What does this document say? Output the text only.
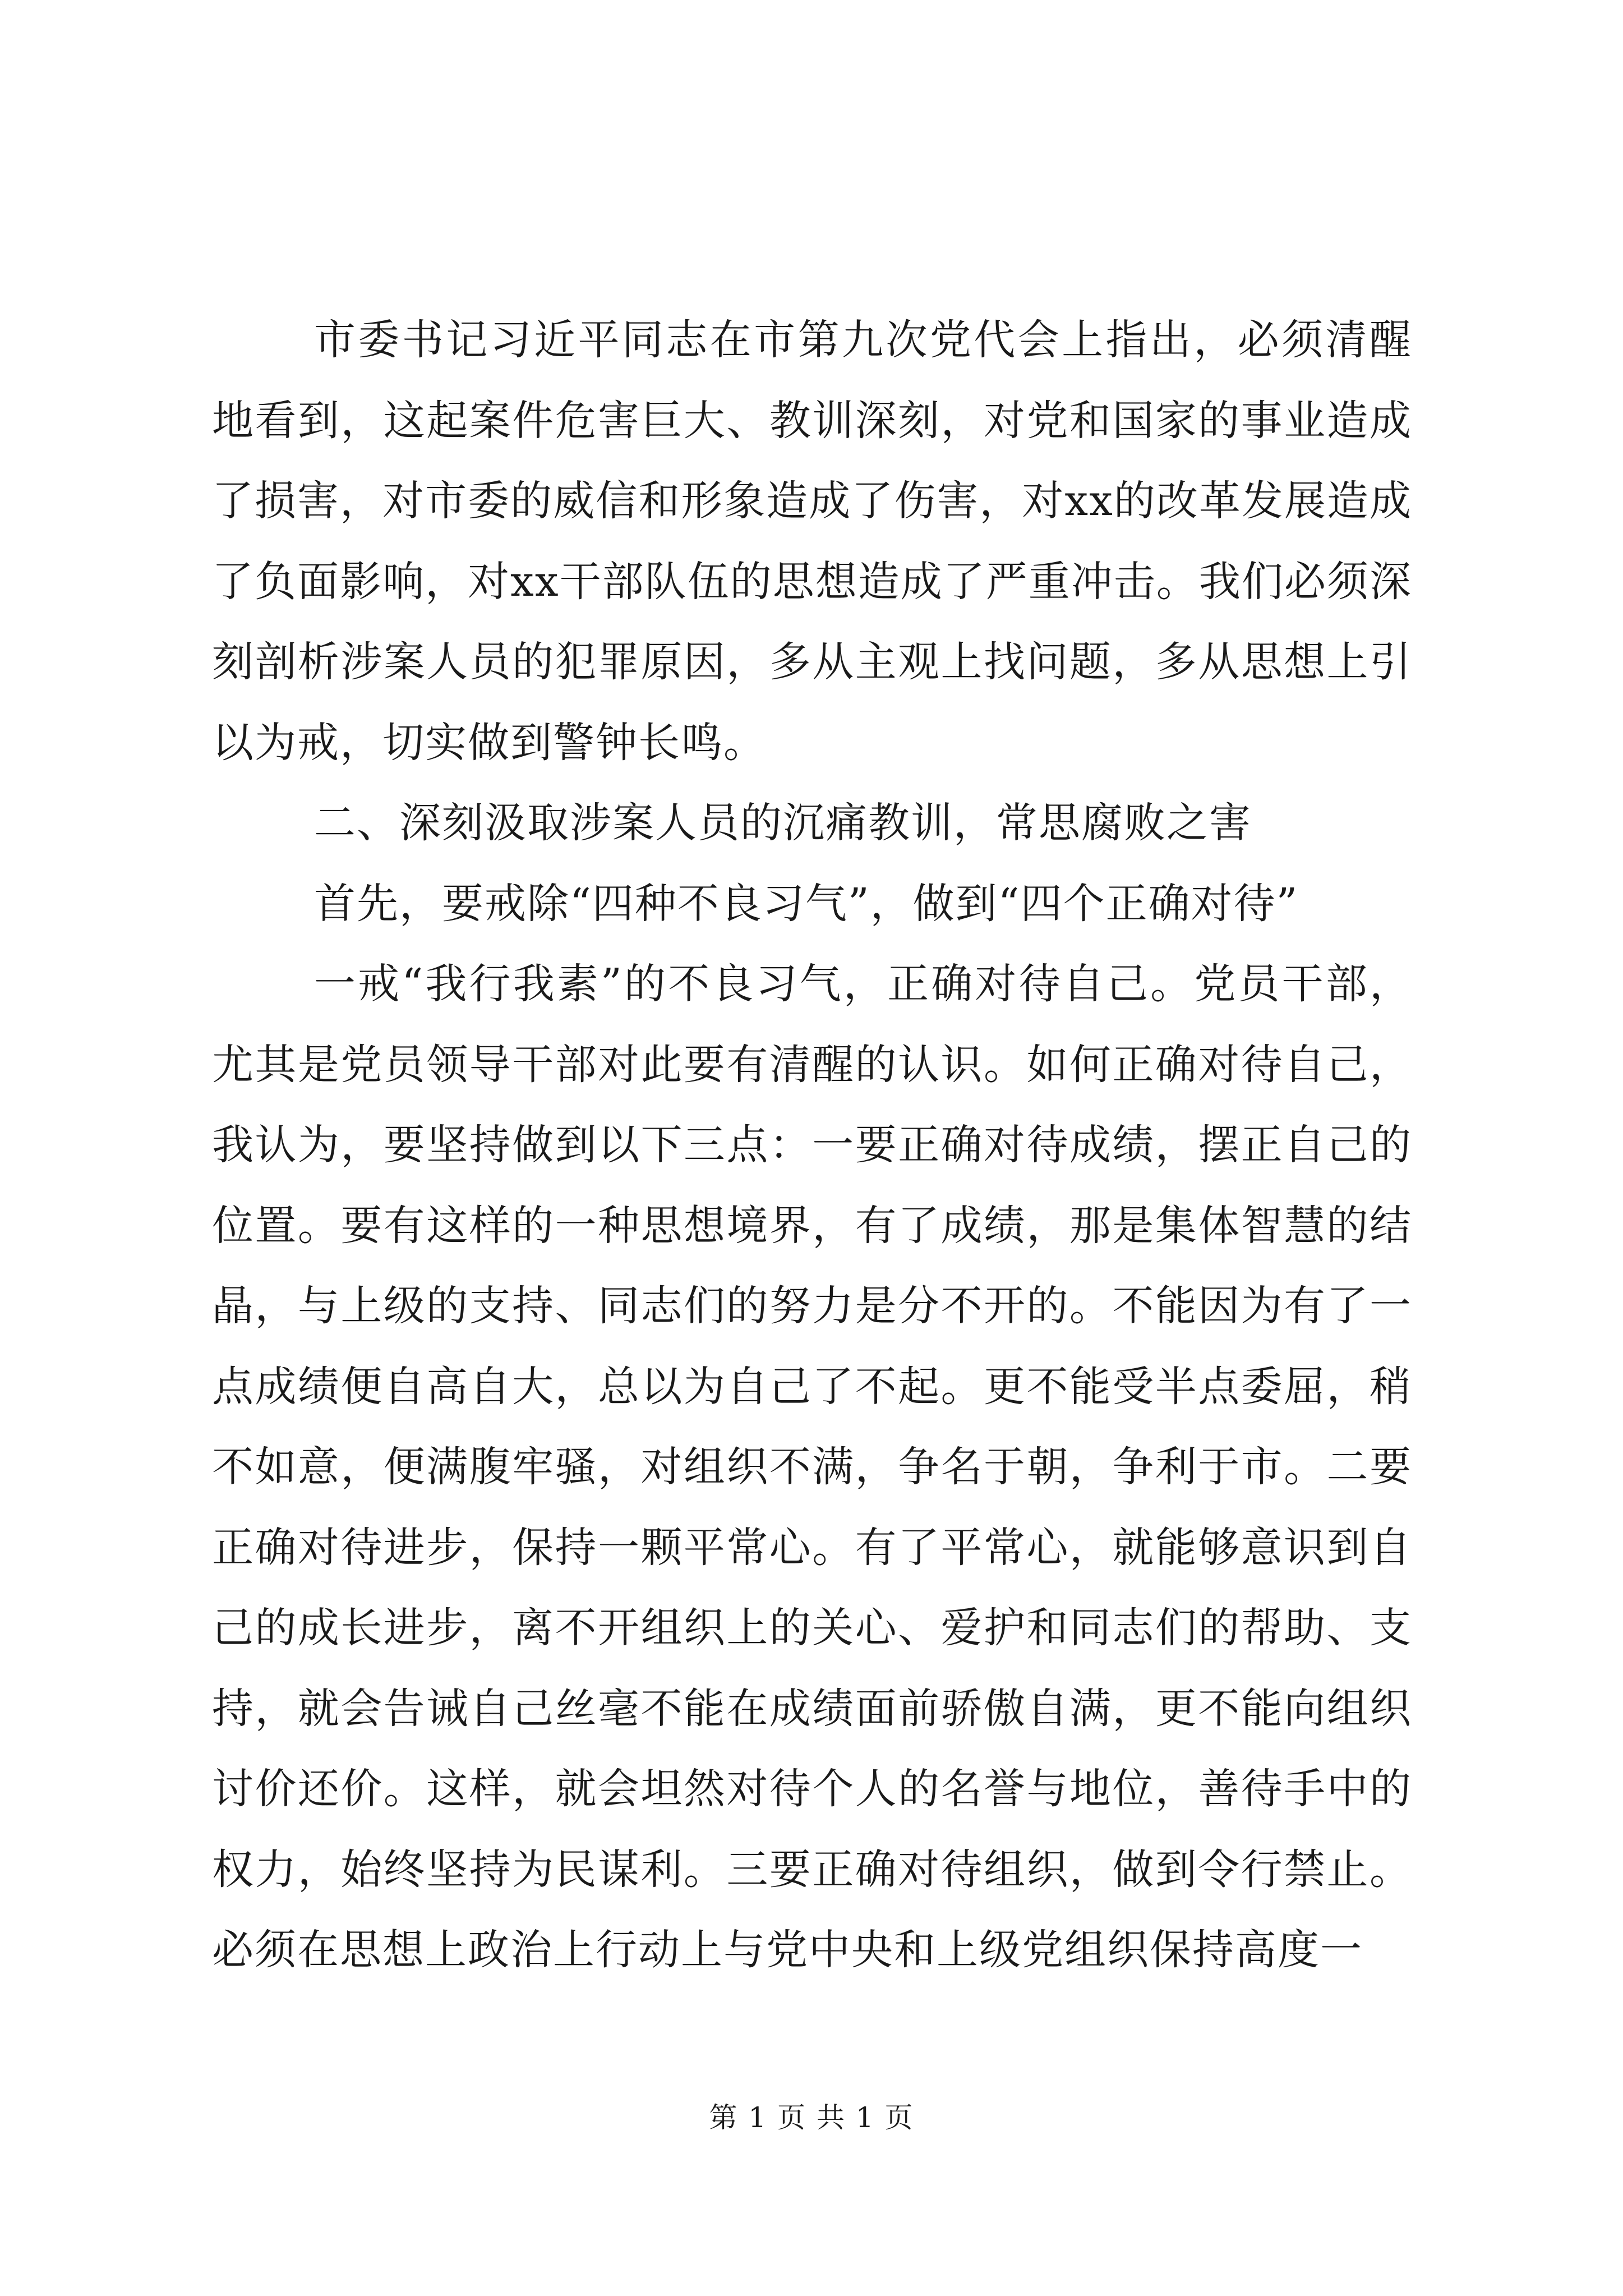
市委书记习近平同志在市第九次党代会上指出，必须清醒地看到，这起案件危害巨大、教训深刻，对党和国家的事业造成了损害，对市委的威信和形象造成了伤害，对xx的改革发展造成了负面影响，对xx干部队伍的思想造成了严重冲击。我们必须深刻剖析涉案人员的犯罪原因，多从主观上找问题，多从思想上引以为戒，切实做到警钟长鸣。

二、深刻汲取涉案人员的沉痛教训，常思腐败之害

首先，要戒除“四种不良习气”，做到“四个正确对待”

一戒“我行我素”的不良习气，正确对待自己。党员干部，尤其是党员领导干部对此要有清醒的认识。如何正确对待自己，我认为，要坚持做到以下三点：一要正确对待成绩，摆正自己的位置。要有这样的一种思想境界，有了成绩，那是集体智慧的结晶，与上级的支持、同志们的努力是分不开的。不能因为有了一点成绩便自高自大，总以为自己了不起。更不能受半点委屈，稍不如意，便满腹牢骚，对组织不满，争名于朝，争利于市。二要正确对待进步，保持一颗平常心。有了平常心，就能够意识到自己的成长进步，离不开组织上的关心、爱护和同志们的帮助、支持，就会告诫自己丝毫不能在成绩面前骄傲自满，更不能向组织讨价还价。这样，就会坦然对待个人的名誉与地位，善待手中的权力，始终坚持为民谋利。三要正确对待组织，做到令行禁止。必须在思想上政治上行动上与党中央和上级党组织保持高度一

第 1 页 共 1 页
